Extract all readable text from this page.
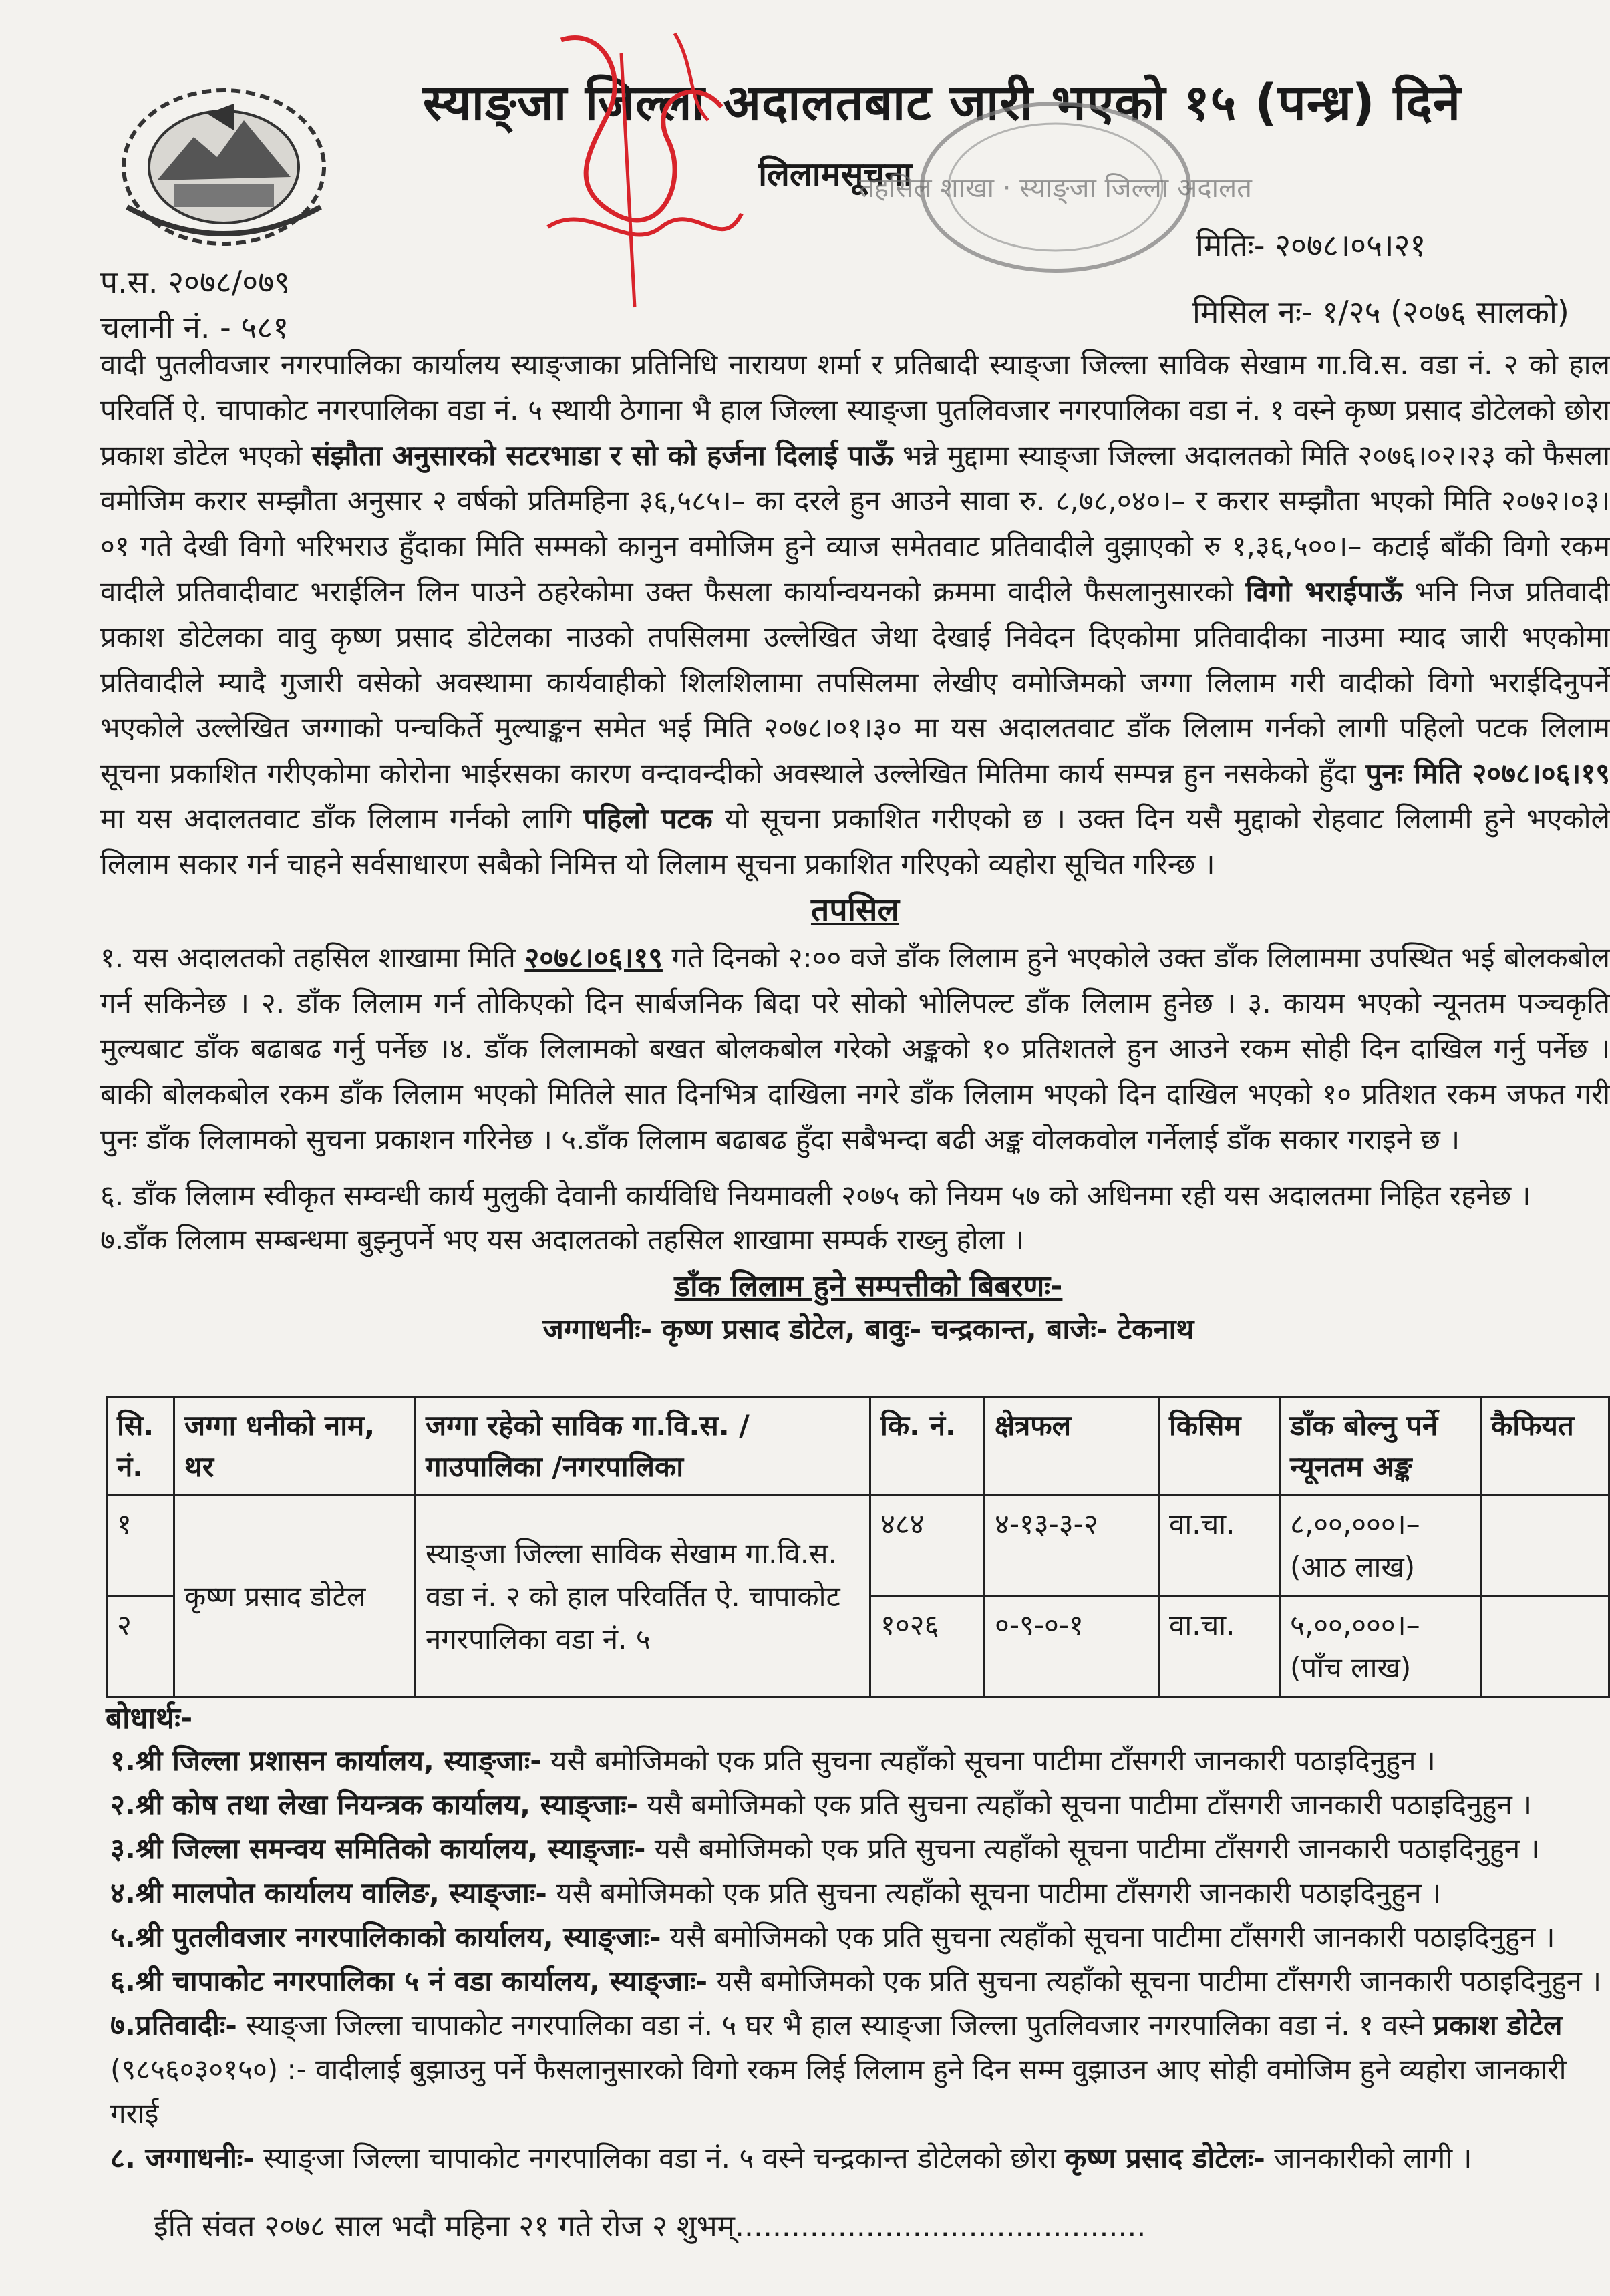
स्याङ्जा जिल्ला अदालतबाट जारी भएको १५ (पन्ध्र) दिने
लिलामसूचना
तहसिल शाखा · स्याङ्जा जिल्ला अदालत
मितिः- २०७८।०५।२१
प.स. २०७८/०७९
चलानी नं. - ५८१	मिसिल नः- १/२५ (२०७६ सालको)
वादी पुतलीवजार नगरपालिका कार्यालय स्याङ्जाका प्रतिनिधि नारायण शर्मा र प्रतिबादी स्याङ्जा जिल्ला साविक सेखाम गा.वि.स. वडा नं. २ को हाल परिवर्ति ऐ. चापाकोट नगरपालिका वडा नं. ५ स्थायी ठेगाना भै हाल जिल्ला स्याङ्जा पुतलिवजार नगरपालिका वडा नं. १ वस्ने कृष्ण प्रसाद डोटेलको छोरा प्रकाश डोटेल भएको संझौता अनुसारको सटरभाडा र सो को हर्जना दिलाई पाऊँ भन्ने मुद्दामा स्याङ्जा जिल्ला अदालतको मिति २०७६।०२।२३ को फैसला वमोजिम करार सम्झौता अनुसार २ वर्षको प्रतिमहिना ३६,५८५।– का दरले हुन आउने सावा रु. ८,७८,०४०।– र करार सम्झौता भएको मिति २०७२।०३।०१ गते देखी विगो भरिभराउ हुँदाका मिति सम्मको कानुन वमोजिम हुने व्याज समेतवाट प्रतिवादीले वुझाएको रु १,३६,५००।– कटाई बाँकी विगो रकम वादीले प्रतिवादीवाट भराईलिन लिन पाउने ठहरेकोमा उक्त फैसला कार्यान्वयनको क्रममा वादीले फैसलानुसारको विगो भराईपाऊँ भनि निज प्रतिवादी प्रकाश डोटेलका वावु कृष्ण प्रसाद डोटेलका नाउको तपसिलमा उल्लेखित जेथा देखाई निवेदन दिएकोमा प्रतिवादीका नाउमा म्याद जारी भएकोमा प्रतिवादीले म्यादै गुजारी वसेको अवस्थामा कार्यवाहीको शिलशिलामा तपसिलमा लेखीए वमोजिमको जग्गा लिलाम गरी वादीको विगो भराईदिनुपर्ने भएकोले उल्लेखित जग्गाको पन्चकिर्ते मुल्याङ्कन समेत भई मिति २०७८।०१।३० मा यस अदालतवाट डाँक लिलाम गर्नको लागी पहिलो पटक लिलाम सूचना प्रकाशित गरीएकोमा कोरोना भाईरसका कारण वन्दावन्दीको अवस्थाले उल्लेखित मितिमा कार्य सम्पन्न हुन नसकेको हुँदा पुनः मिति २०७८।०६।१९ मा यस अदालतवाट डाँक लिलाम गर्नको लागि पहिलो पटक यो सूचना प्रकाशित गरीएको छ । उक्त दिन यसै मुद्दाको रोहवाट लिलामी हुने भएकोले लिलाम सकार गर्न चाहने सर्वसाधारण सबैको निमित्त यो लिलाम सूचना प्रकाशित गरिएको व्यहोरा सूचित गरिन्छ ।
तपसिल
१. यस अदालतको तहसिल शाखामा मिति २०७८।०६।१९ गते दिनको २:०० वजे डाँक लिलाम हुने भएकोले उक्त डाँक लिलाममा उपस्थित भई बोलकबोल गर्न सकिनेछ । २. डाँक लिलाम गर्न तोकिएको दिन सार्बजनिक बिदा परे सोको भोलिपल्ट डाँक लिलाम हुनेछ । ३. कायम भएको न्यूनतम पञ्चकृति मुल्यबाट डाँक बढाबढ गर्नु पर्नेछ ।४. डाँक लिलामको बखत बोलकबोल गरेको अङ्कको १० प्रतिशतले हुन आउने रकम सोही दिन दाखिल गर्नु पर्नेछ । बाकी बोलकबोल रकम डाँक लिलाम भएको मितिले सात दिनभित्र दाखिला नगरे डाँक लिलाम भएको दिन दाखिल भएको १० प्रतिशत रकम जफत गरी पुनः डाँक लिलामको सुचना प्रकाशन गरिनेछ । ५.डाँक लिलाम बढाबढ हुँदा सबैभन्दा बढी अङ्क वोलकवोल गर्नेलाई डाँक सकार गराइने छ ।
६. डाँक लिलाम स्वीकृत सम्वन्धी कार्य मुलुकी देवानी कार्यविधि नियमावली २०७५ को नियम ५७ को अधिनमा रही यस अदालतमा निहित रहनेछ ।
७.डाँक लिलाम सम्बन्धमा बुझ्नुपर्ने भए यस अदालतको तहसिल शाखामा सम्पर्क राख्नु होला ।
डाँक लिलाम हुने सम्पत्तीको बिबरणः-
जग्गाधनीः- कृष्ण प्रसाद डोटेल, बावुः- चन्द्रकान्त, बाजेः- टेकनाथ
सि. नं.	जग्गा धनीको नाम, थर	जग्गा रहेको साविक गा.वि.स. / गाउपालिका /नगरपालिका	कि. नं.	क्षेत्रफल	किसिम	डाँक बोल्नु पर्ने न्यूनतम अङ्क	कैफियत
१	कृष्ण प्रसाद डोटेल	स्याङ्जा जिल्ला साविक सेखाम गा.वि.स. वडा नं. २ को हाल परिवर्तित ऐ. चापाकोट नगरपालिका वडा नं. ५	४८४	४-१३-३-२	वा.चा.	८,००,०००।–
(आठ लाख)	
२			१०२६	०-९-०-१	वा.चा.	५,००,०००।–
(पाँच लाख)	
बोधार्थः-
१.श्री जिल्ला प्रशासन कार्यालय, स्याङ्जाः- यसै बमोजिमको एक प्रति सुचना त्यहाँको सूचना पाटीमा टाँसगरी जानकारी पठाइदिनुहुन ।
२.श्री कोष तथा लेखा नियन्त्रक कार्यालय, स्याङ्जाः- यसै बमोजिमको एक प्रति सुचना त्यहाँको सूचना पाटीमा टाँसगरी जानकारी पठाइदिनुहुन ।
३.श्री जिल्ला समन्वय समितिको कार्यालय, स्याङ्जाः- यसै बमोजिमको एक प्रति सुचना त्यहाँको सूचना पाटीमा टाँसगरी जानकारी पठाइदिनुहुन ।
४.श्री मालपोत कार्यालय वालिङ, स्याङ्जाः- यसै बमोजिमको एक प्रति सुचना त्यहाँको सूचना पाटीमा टाँसगरी जानकारी पठाइदिनुहुन ।
५.श्री पुतलीवजार नगरपालिकाको कार्यालय, स्याङ्जाः- यसै बमोजिमको एक प्रति सुचना त्यहाँको सूचना पाटीमा टाँसगरी जानकारी पठाइदिनुहुन ।
६.श्री चापाकोट नगरपालिका ५ नं वडा कार्यालय, स्याङ्जाः- यसै बमोजिमको एक प्रति सुचना त्यहाँको सूचना पाटीमा टाँसगरी जानकारी पठाइदिनुहुन ।
७.प्रतिवादीः- स्याङ्जा जिल्ला चापाकोट नगरपालिका वडा नं. ५ घर भै हाल स्याङ्जा जिल्ला पुतलिवजार नगरपालिका वडा नं. १ वस्ने प्रकाश डोटेल (९८५६०३०१५०) :- वादीलाई बुझाउनु पर्ने फैसलानुसारको विगो रकम लिई लिलाम हुने दिन सम्म वुझाउन आए सोही वमोजिम हुने व्यहोरा जानकारी गराई
८. जग्गाधनीः- स्याङ्जा जिल्ला चापाकोट नगरपालिका वडा नं. ५ वस्ने चन्द्रकान्त डोटेलको छोरा कृष्ण प्रसाद डोटेलः- जानकारीको लागी ।
ईति संवत २०७८ साल भदौ महिना २१ गते रोज २ शुभम्............................................
